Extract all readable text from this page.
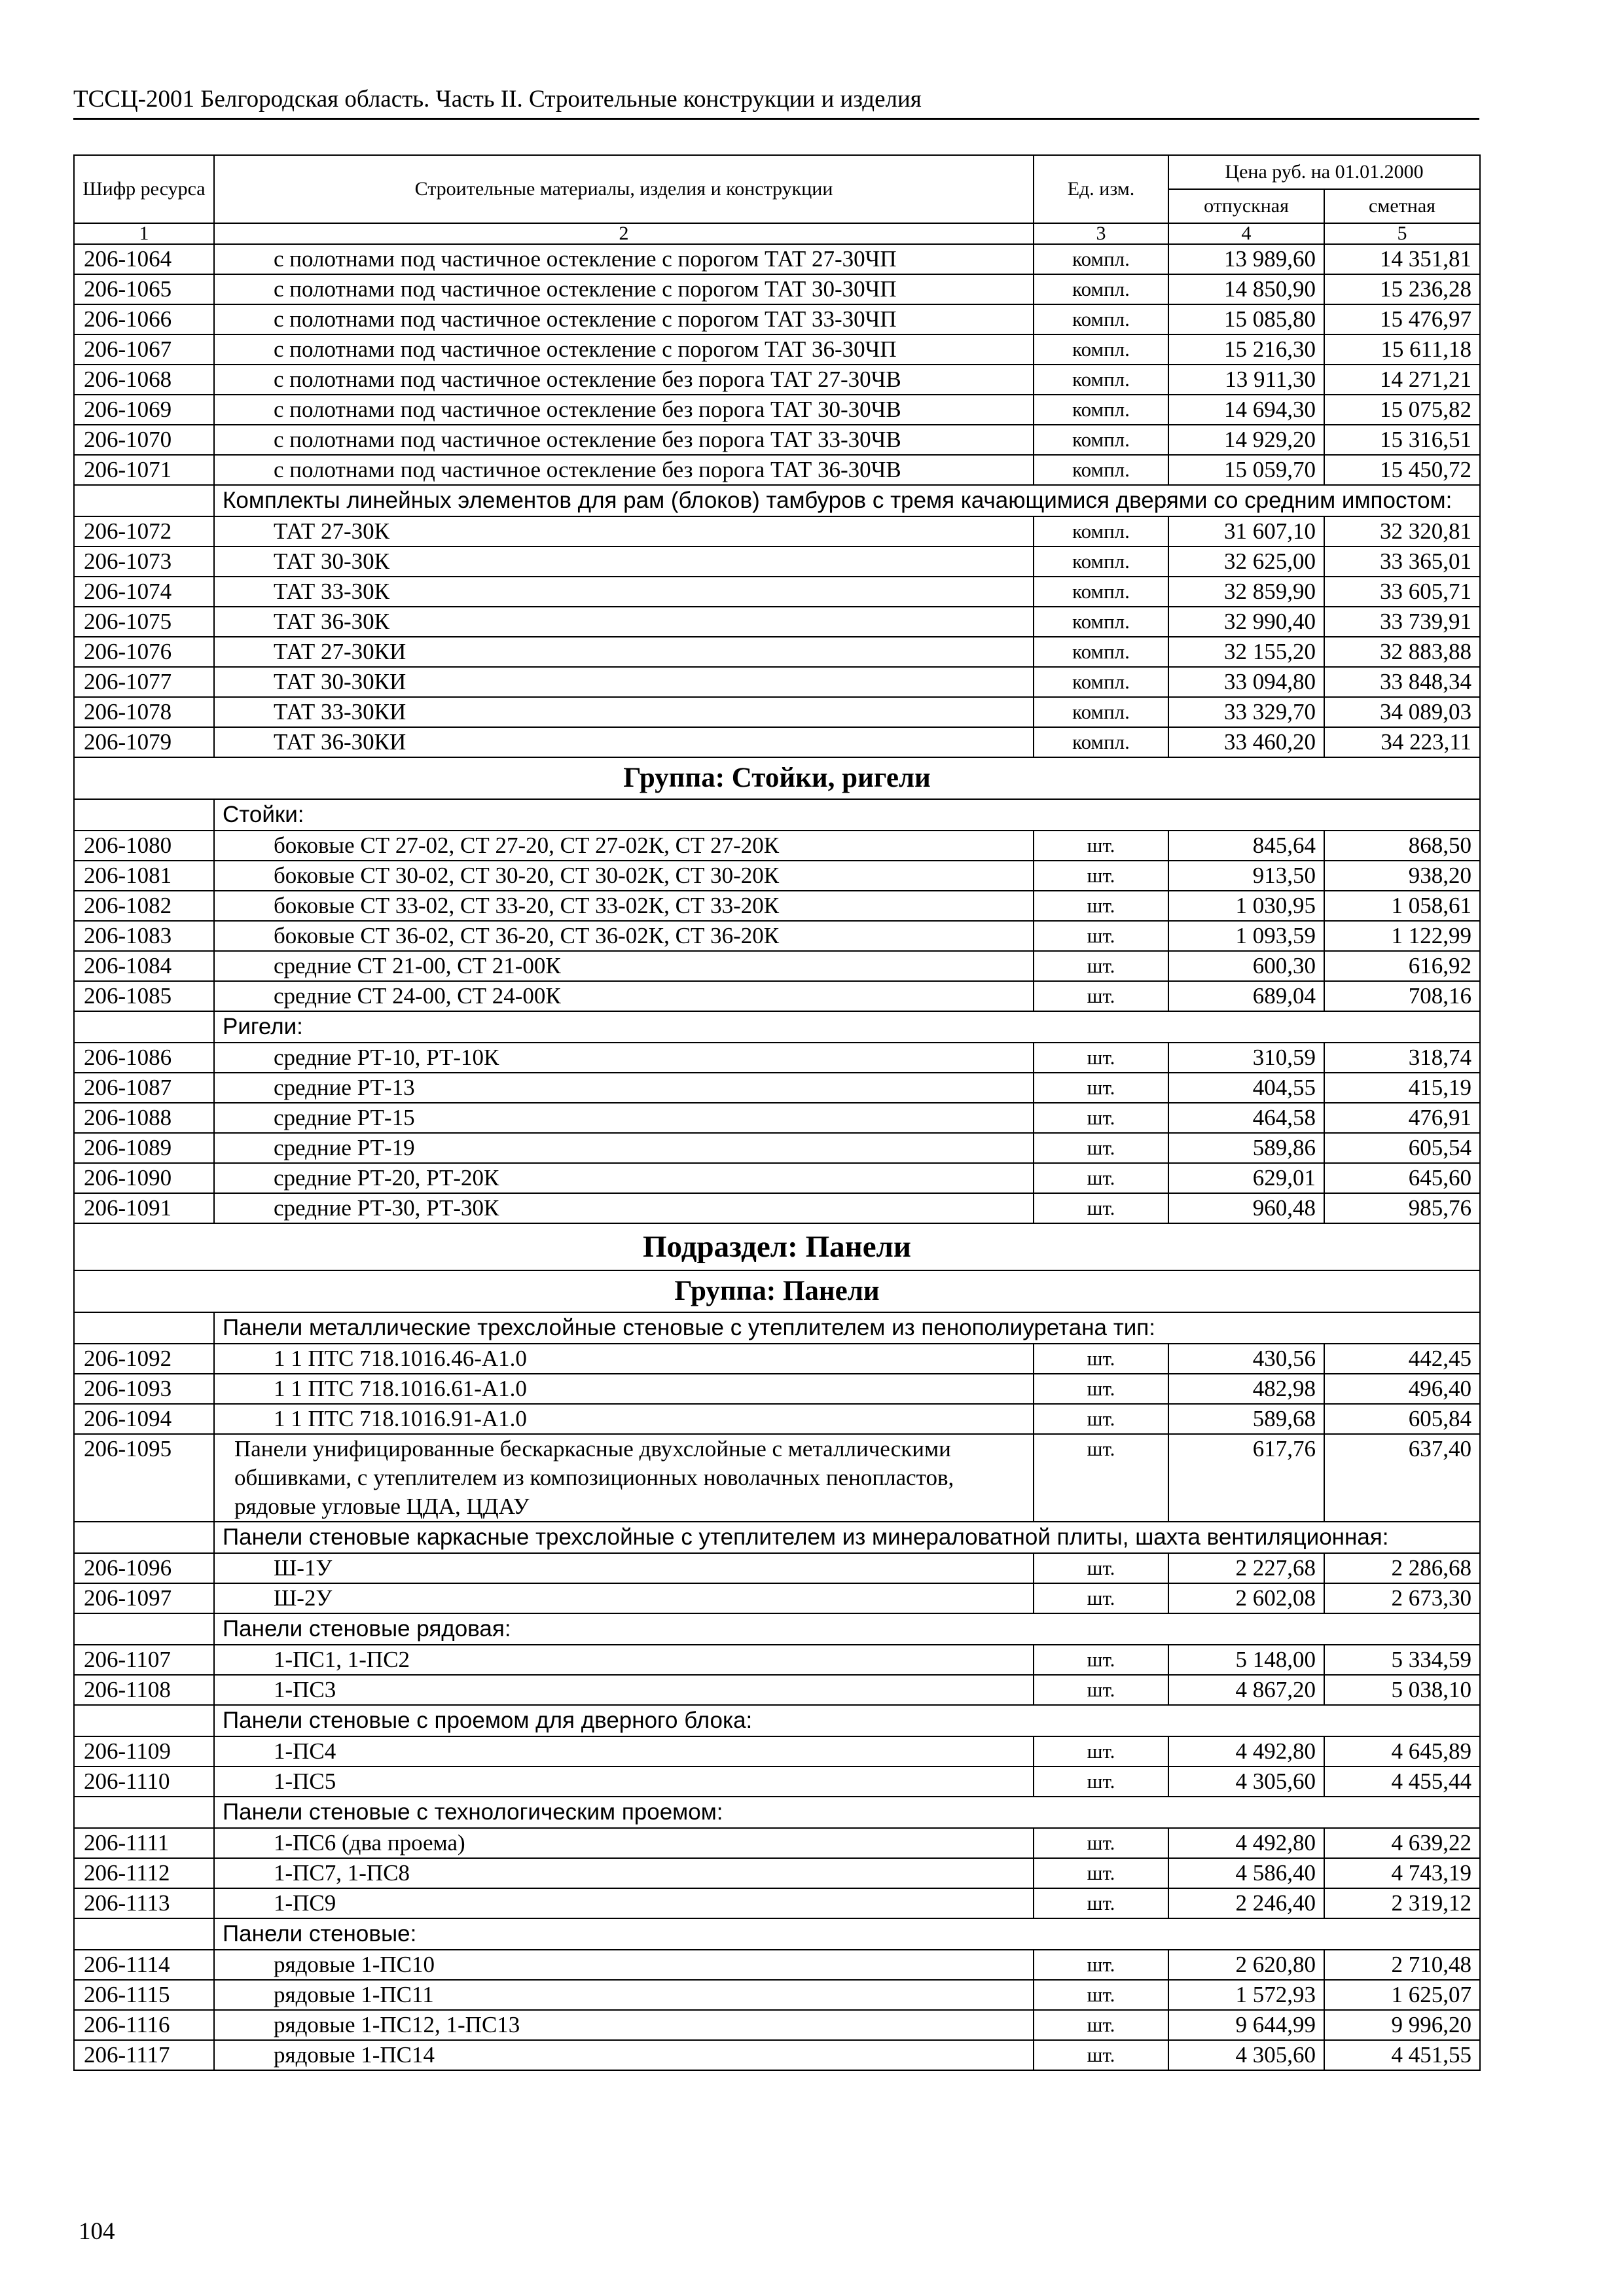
ТССЦ-2001 Белгородская область. Часть II. Строительные конструкции и изделия
Шифр ресурса	Строительные материалы, изделия и конструкции	Ед. изм.	Цена руб. на 01.01.2000	
			отпускная	сметная
1	2	3	4	5
206-1064	с полотнами под частичное остекление с порогом ТАТ 27-30ЧП	компл.	13 989,60	14 351,81
206-1065	с полотнами под частичное остекление с порогом ТАТ 30-30ЧП	компл.	14 850,90	15 236,28
206-1066	с полотнами под частичное остекление с порогом ТАТ 33-30ЧП	компл.	15 085,80	15 476,97
206-1067	с полотнами под частичное остекление с порогом ТАТ 36-30ЧП	компл.	15 216,30	15 611,18
206-1068	с полотнами под частичное остекление без порога ТАТ 27-30ЧВ	компл.	13 911,30	14 271,21
206-1069	с полотнами под частичное остекление без порога ТАТ 30-30ЧВ	компл.	14 694,30	15 075,82
206-1070	с полотнами под частичное остекление без порога ТАТ 33-30ЧВ	компл.	14 929,20	15 316,51
206-1071	с полотнами под частичное остекление без порога ТАТ 36-30ЧВ	компл.	15 059,70	15 450,72
	Комплекты линейных элементов для рам (блоков) тамбуров с тремя качающимися дверями со средним импостом:			
206-1072	ТАТ 27-30К	компл.	31 607,10	32 320,81
206-1073	ТАТ 30-30К	компл.	32 625,00	33 365,01
206-1074	ТАТ 33-30К	компл.	32 859,90	33 605,71
206-1075	ТАТ 36-30К	компл.	32 990,40	33 739,91
206-1076	ТАТ 27-30КИ	компл.	32 155,20	32 883,88
206-1077	ТАТ 30-30КИ	компл.	33 094,80	33 848,34
206-1078	ТАТ 33-30КИ	компл.	33 329,70	34 089,03
206-1079	ТАТ 36-30КИ	компл.	33 460,20	34 223,11
Группа: Стойки, ригели				
	Стойки:			
206-1080	боковые СТ 27-02, СТ 27-20, СТ 27-02К, СТ 27-20К	шт.	845,64	868,50
206-1081	боковые СТ 30-02, СТ 30-20, СТ 30-02К, СТ 30-20К	шт.	913,50	938,20
206-1082	боковые СТ 33-02, СТ 33-20, СТ 33-02К, СТ 33-20К	шт.	1 030,95	1 058,61
206-1083	боковые СТ 36-02, СТ 36-20, СТ 36-02К, СТ 36-20К	шт.	1 093,59	1 122,99
206-1084	средние СТ 21-00, СТ 21-00К	шт.	600,30	616,92
206-1085	средние СТ 24-00, СТ 24-00К	шт.	689,04	708,16
	Ригели:			
206-1086	средние РТ-10, РТ-10К	шт.	310,59	318,74
206-1087	средние РТ-13	шт.	404,55	415,19
206-1088	средние РТ-15	шт.	464,58	476,91
206-1089	средние РТ-19	шт.	589,86	605,54
206-1090	средние РТ-20, РТ-20К	шт.	629,01	645,60
206-1091	средние РТ-30, РТ-30К	шт.	960,48	985,76
Подраздел: Панели				
Группа: Панели				
	Панели металлические трехслойные стеновые с утеплителем из пенополиуретана тип:			
206-1092	1 1 ПТС 718.1016.46-А1.0	шт.	430,56	442,45
206-1093	1 1 ПТС 718.1016.61-А1.0	шт.	482,98	496,40
206-1094	1 1 ПТС 718.1016.91-А1.0	шт.	589,68	605,84
206-1095	Панели унифицированные бескаркасные двухслойные с металлическими обшивками, с утеплителем из композиционных новолачных пенопластов, рядовые угловые ЦДА, ЦДАУ	шт.	617,76	637,40
	Панели стеновые каркасные трехслойные с утеплителем из минераловатной плиты, шахта вентиляционная:			
206-1096	Ш-1У	шт.	2 227,68	2 286,68
206-1097	Ш-2У	шт.	2 602,08	2 673,30
	Панели стеновые рядовая:			
206-1107	1-ПС1, 1-ПС2	шт.	5 148,00	5 334,59
206-1108	1-ПС3	шт.	4 867,20	5 038,10
	Панели стеновые с проемом для дверного блока:			
206-1109	1-ПС4	шт.	4 492,80	4 645,89
206-1110	1-ПС5	шт.	4 305,60	4 455,44
	Панели стеновые с технологическим проемом:			
206-1111	1-ПС6 (два проема)	шт.	4 492,80	4 639,22
206-1112	1-ПС7, 1-ПС8	шт.	4 586,40	4 743,19
206-1113	1-ПС9	шт.	2 246,40	2 319,12
	Панели стеновые:			
206-1114	рядовые 1-ПС10	шт.	2 620,80	2 710,48
206-1115	рядовые 1-ПС11	шт.	1 572,93	1 625,07
206-1116	рядовые 1-ПС12, 1-ПС13	шт.	9 644,99	9 996,20
206-1117	рядовые 1-ПС14	шт.	4 305,60	4 451,55
104
